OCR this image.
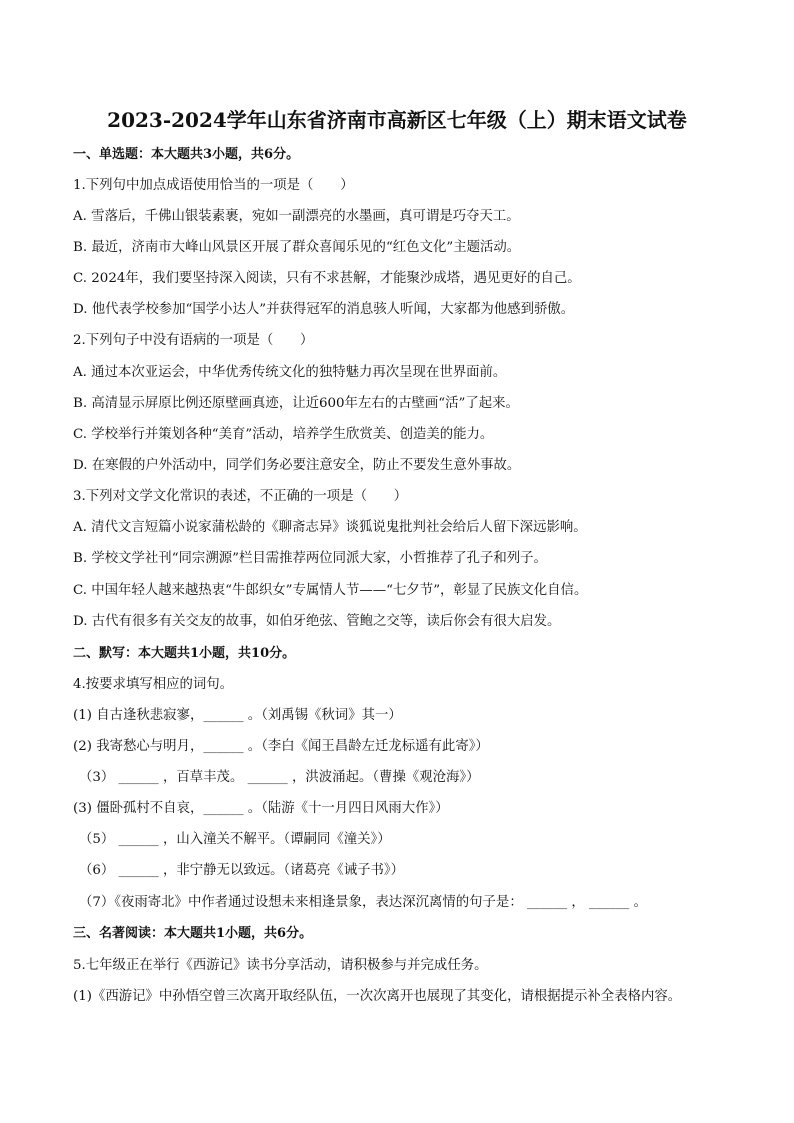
2023-2024学年山东省济南市高新区七年级（上）期末语文试卷
一、单选题：本大题共3小题，共6分。
1.下列句中加点成语使用恰当的一项是（　　）
A. 雪落后，千佛山银装素裹，宛如一副漂亮的水墨画，真可谓是巧夺天工。
B. 最近，济南市大峰山风景区开展了群众喜闻乐见的“红色文化”主题活动。
C. 2024年，我们要坚持深入阅读，只有不求甚解，才能聚沙成塔，遇见更好的自己。
D. 他代表学校参加“国学小达人”并获得冠军的消息骇人听闻，大家都为他感到骄傲。
2.下列句子中没有语病的一项是（　　）
A. 通过本次亚运会，中华优秀传统文化的独特魅力再次呈现在世界面前。
B. 高清显示屏原比例还原壁画真迹，让近600年左右的古壁画“活”了起来。
C. 学校举行并策划各种“美育”活动，培养学生欣赏美、创造美的能力。
D. 在寒假的户外活动中，同学们务必要注意安全，防止不要发生意外事故。
3.下列对文学文化常识的表述，不正确的一项是（　　）
A. 清代文言短篇小说家蒲松龄的《聊斋志异》谈狐说鬼批判社会给后人留下深远影响。
B. 学校文学社刊“同宗溯源”栏目需推荐两位同派大家，小哲推荐了孔子和列子。
C. 中国年轻人越来越热衷“牛郎织女”专属情人节——“七夕节”，彰显了民族文化自信。
D. 古代有很多有关交友的故事，如伯牙绝弦、管鲍之交等，读后你会有很大启发。
二、默写：本大题共1小题，共10分。
4.按要求填写相应的词句。
(1) 自古逢秋悲寂寥，______ 。（刘禹锡《秋词》其一）
(2) 我寄愁心与明月，______ 。（李白《闻王昌龄左迁龙标遥有此寄》）
（3） ______ ，百草丰茂。 ______ ，洪波涌起。（曹操《观沧海》）
(3) 僵卧孤村不自哀，______ 。（陆游《十一月四日风雨大作》）
（5） ______ ，山入潼关不解平。（谭嗣同《潼关》）
（6） ______ ，非宁静无以致远。（诸葛亮《诫子书》）
（7）《夜雨寄北》中作者通过设想未来相逢景象，表达深沉离情的句子是： ______ ， ______ 。
三、名著阅读：本大题共1小题，共6分。
5.七年级正在举行《西游记》读书分享活动，请积极参与并完成任务。
(1)《西游记》中孙悟空曾三次离开取经队伍，一次次离开也展现了其变化，请根据提示补全表格内容。
